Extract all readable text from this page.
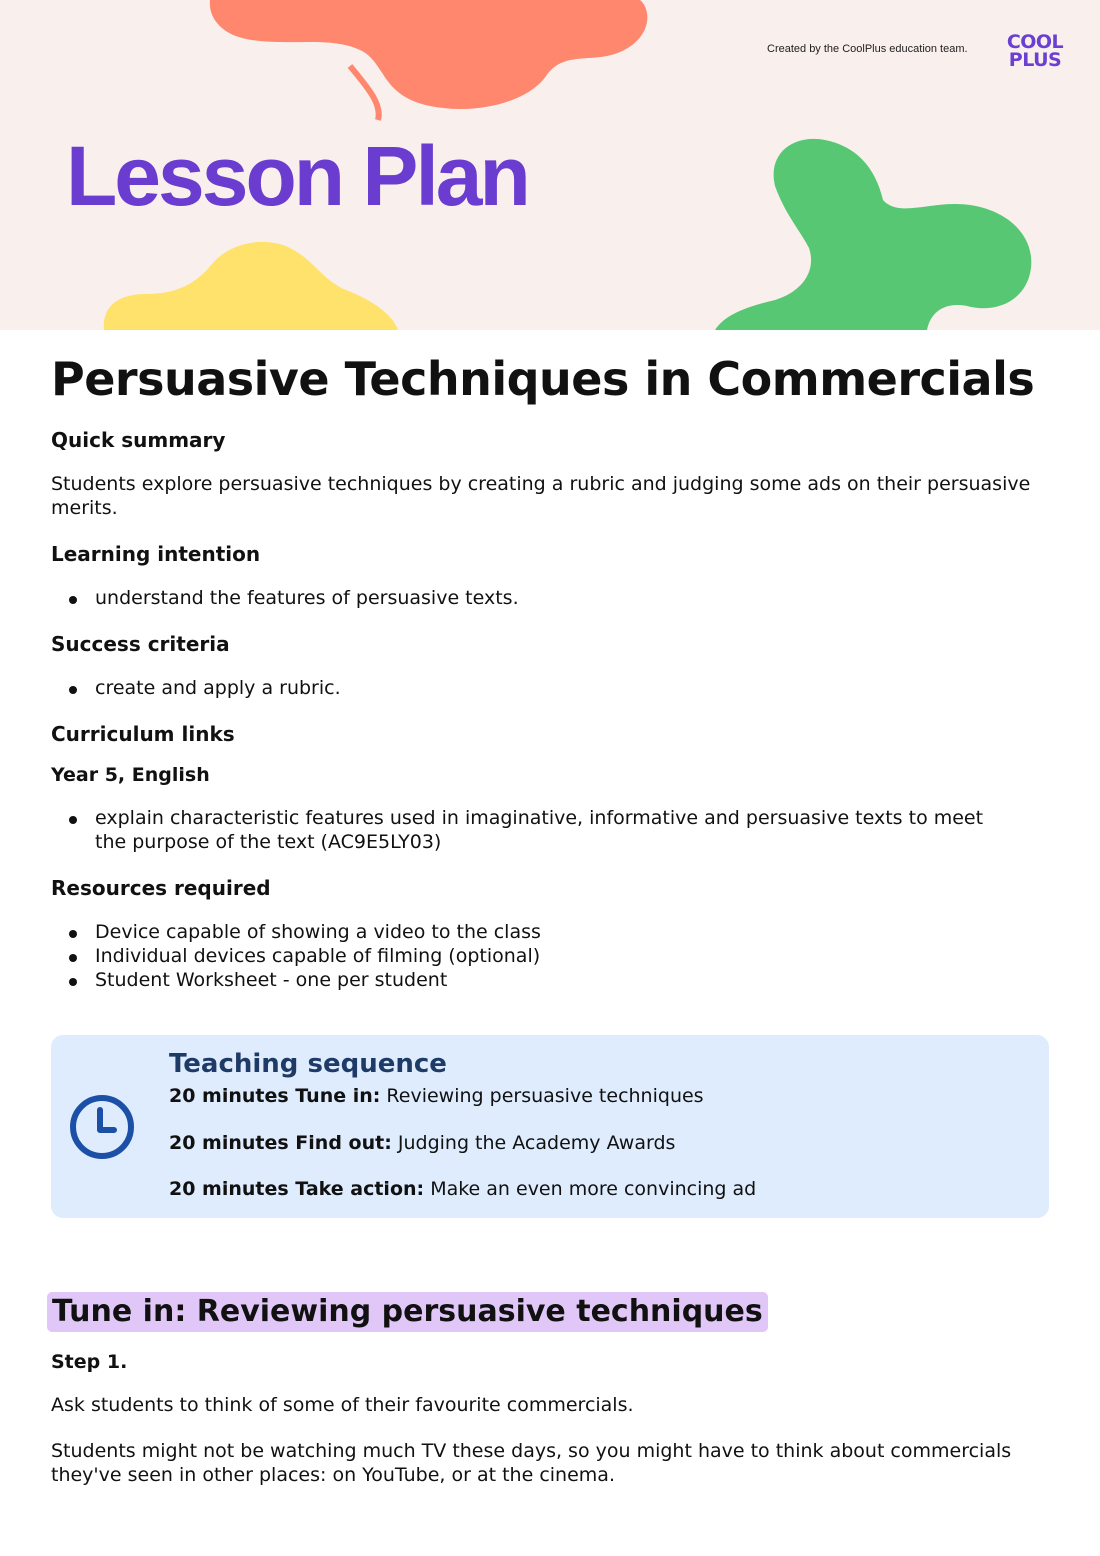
Created by the CoolPlus education team. COOL
PLUS
Lesson Plan
Persuasive Techniques in Commercials
Quick summary

Students explore persuasive techniques by creating a rubric and judging some ads on their persuasive merits.

Learning intention
understand the features of persuasive texts.
Success criteria
create and apply a rubric.
Curriculum links
Year 5, English
explain characteristic features used in imaginative, informative and persuasive texts to meet the purpose of the text (AC9E5LY03)
Resources required
Device capable of showing a video to the class
Individual devices capable of filming (optional)
Student Worksheet - one per student
Teaching sequence
20 minutes Tune in: Reviewing persuasive techniques
20 minutes Find out: Judging the Academy Awards
20 minutes Take action: Make an even more convincing ad
Tune in: Reviewing persuasive techniques
Step 1.

Ask students to think of some of their favourite commercials.

Students might not be watching much TV these days, so you might have to think about commercials they've seen in other places: on YouTube, or at the cinema.
